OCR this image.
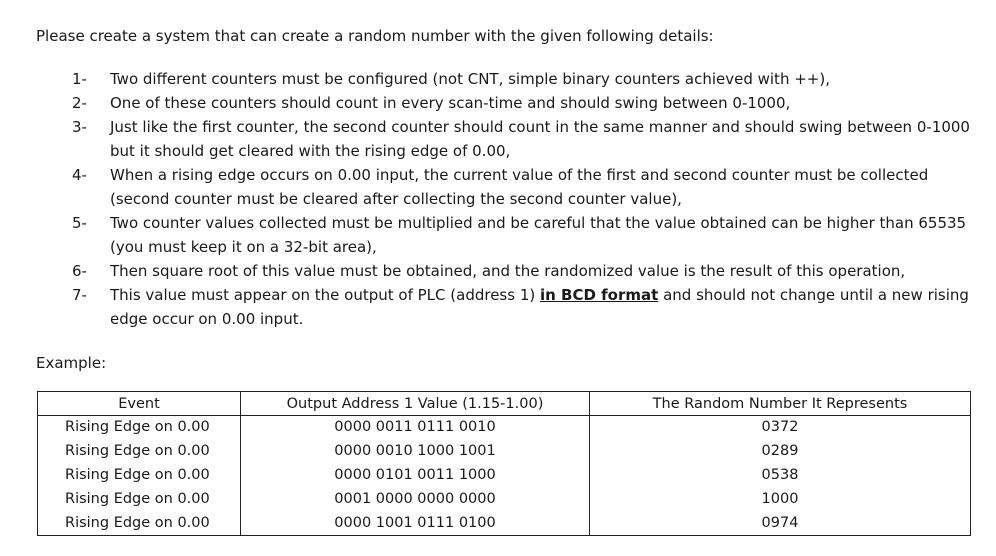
Please create a system that can create a random number with the given following details:
1-	Two different counters must be configured (not CNT, simple binary counters achieved with ++),
2-	One of these counters should count in every scan-time and should swing between 0-1000,
3-	Just like the first counter, the second counter should count in the same manner and should swing between 0-1000 but it should get cleared with the rising edge of 0.00,
4-	When a rising edge occurs on 0.00 input, the current value of the first and second counter must be collected (second counter must be cleared after collecting the second counter value),
5-	Two counter values collected must be multiplied and be careful that the value obtained can be higher than 65535 (you must keep it on a 32-bit area),
6-	Then square root of this value must be obtained, and the randomized value is the result of this operation,
7-	This value must appear on the output of PLC (address 1) in BCD format and should not change until a new rising edge occur on 0.00 input.
Example:
Event	Output Address 1 Value (1.15-1.00)	The Random Number It Represents
Rising Edge on 0.00	0000 0011 0111 0010	0372
Rising Edge on 0.00	0000 0010 1000 1001	0289
Rising Edge on 0.00	0000 0101 0011 1000	0538
Rising Edge on 0.00	0001 0000 0000 0000	1000
Rising Edge on 0.00	0000 1001 0111 0100	0974
